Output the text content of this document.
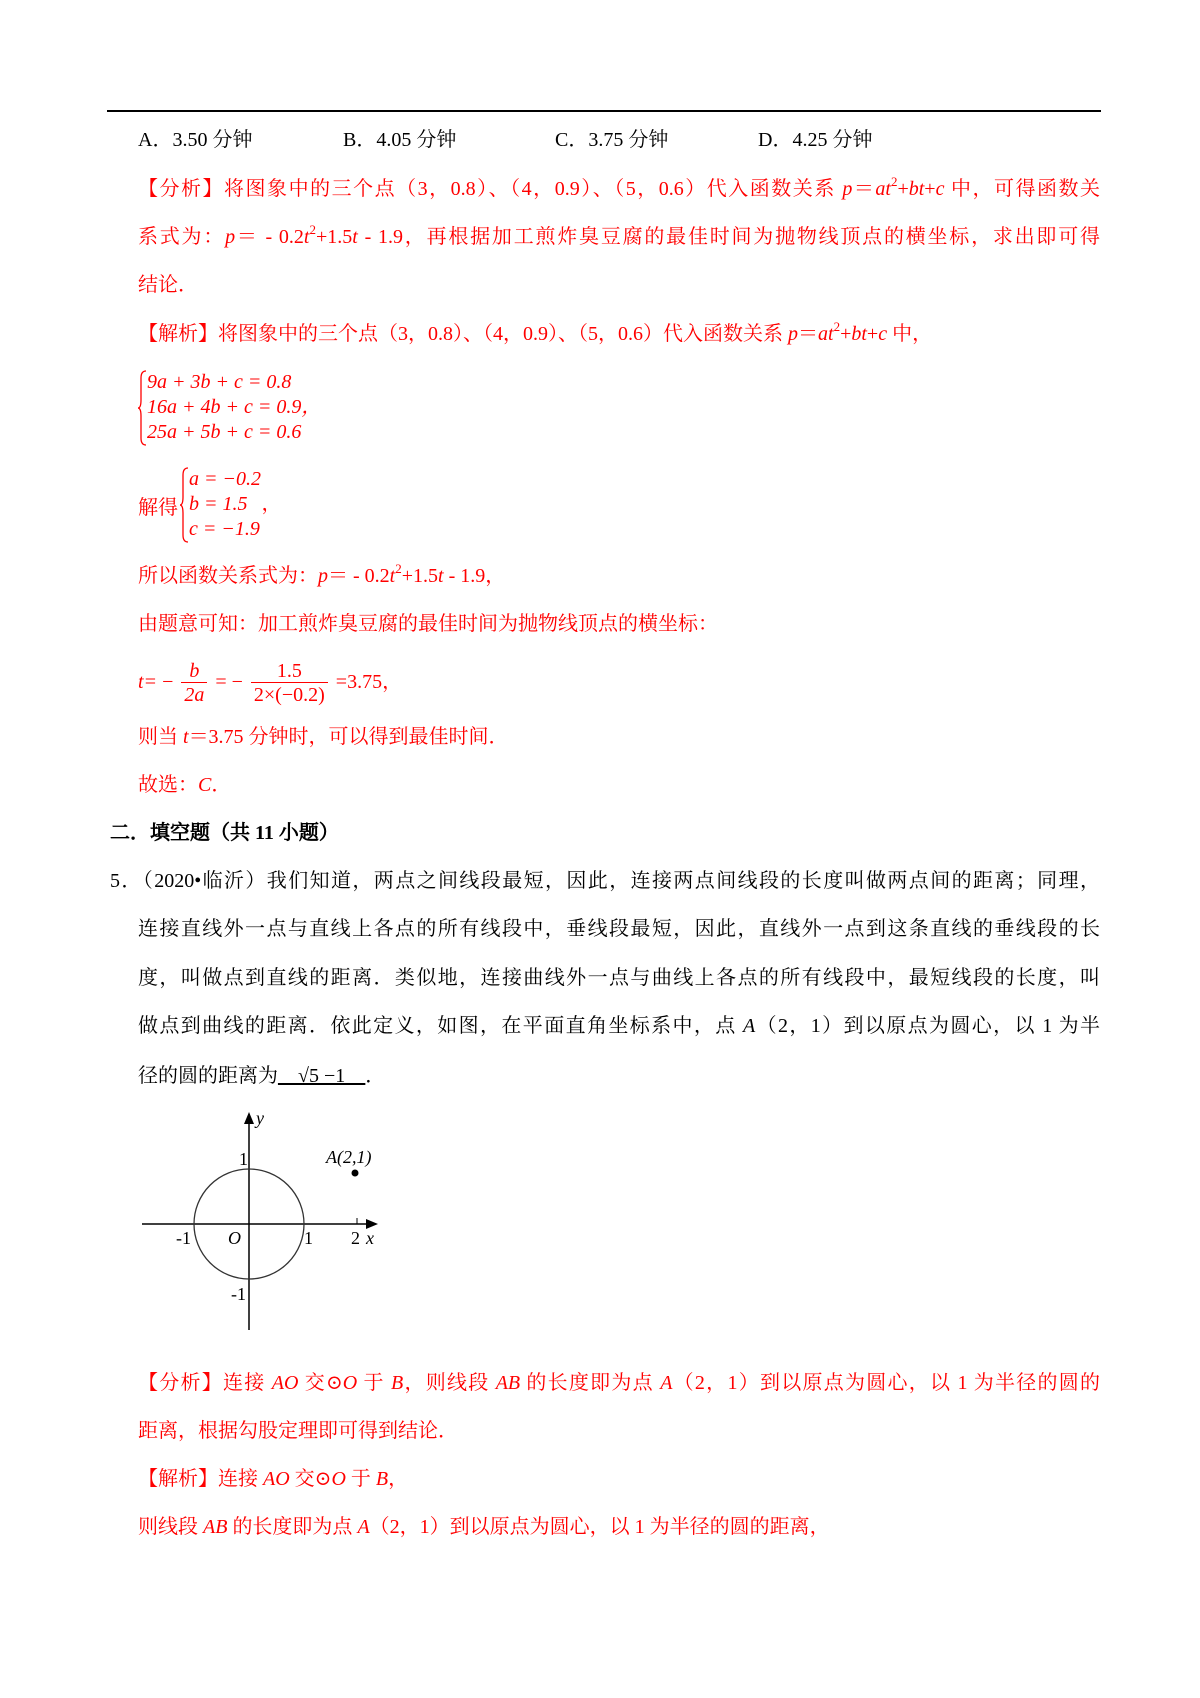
A．3.50 分钟	B．4.05 分钟	C．3.75 分钟	D．4.25 分钟
【分析】将图象中的三个点（3，0.8）、（4，0.9）、（5，0.6）代入函数关系 $p=at^2+bt+c$ 中，可得函数关
系式为：$p= - 0.2t^2+1.5t - 1.9$，再根据加工煎炸臭豆腐的最佳时间为抛物线顶点的横坐标，求出即可得
结论．
【解析】将图象中的三个点（3，0.8）、（4，0.9）、（5，0.6）代入函数关系 $p=at^2+bt+c$ 中，
所以函数关系式为：$p= - 0.2t^2+1.5t - 1.9$，
由题意可知：加工煎炸臭豆腐的最佳时间为抛物线顶点的横坐标：
则当 t＝3.75 分钟时，可以得到最佳时间．
故选：C．
二．填空题（共 11 小题）
5．（2020•临沂）我们知道，两点之间线段最短，因此，连接两点间线段的长度叫做两点间的距离；同理，
连接直线外一点与直线上各点的所有线段中，垂线段最短，因此，直线外一点到这条直线的垂线段的长
度，叫做点到直线的距离．类似地，连接曲线外一点与曲线上各点的所有线段中，最短线段的长度，叫
做点到曲线的距离．依此定义，如图，在平面直角坐标系中，点 A（2，1）到以原点为圆心，以 1 为半
径的圆的距离为__√5 −1__．
【分析】连接 AO 交⊙O 于 B，则线段 AB 的长度即为点 A（2，1）到以原点为圆心，以 1 为半径的圆的
距离，根据勾股定理即可得到结论．
【解析】连接 AO 交⊙O 于 B，
则线段 AB 的长度即为点 A（2，1）到以原点为圆心，以 1 为半径的圆的距离，
9a + 3b + c = 0.8
16a + 4b + c = 0.9，
25a + 5b + c = 0.6
解得
a = −0.2
b = 1.5 ，
c = −1.9
$t= - \frac{b}{2a}$ = − $\frac{1.5}{2\times(-0.2)} =3.75$，
y
x
O	1
-1	2
1
-1
A(2,1)
